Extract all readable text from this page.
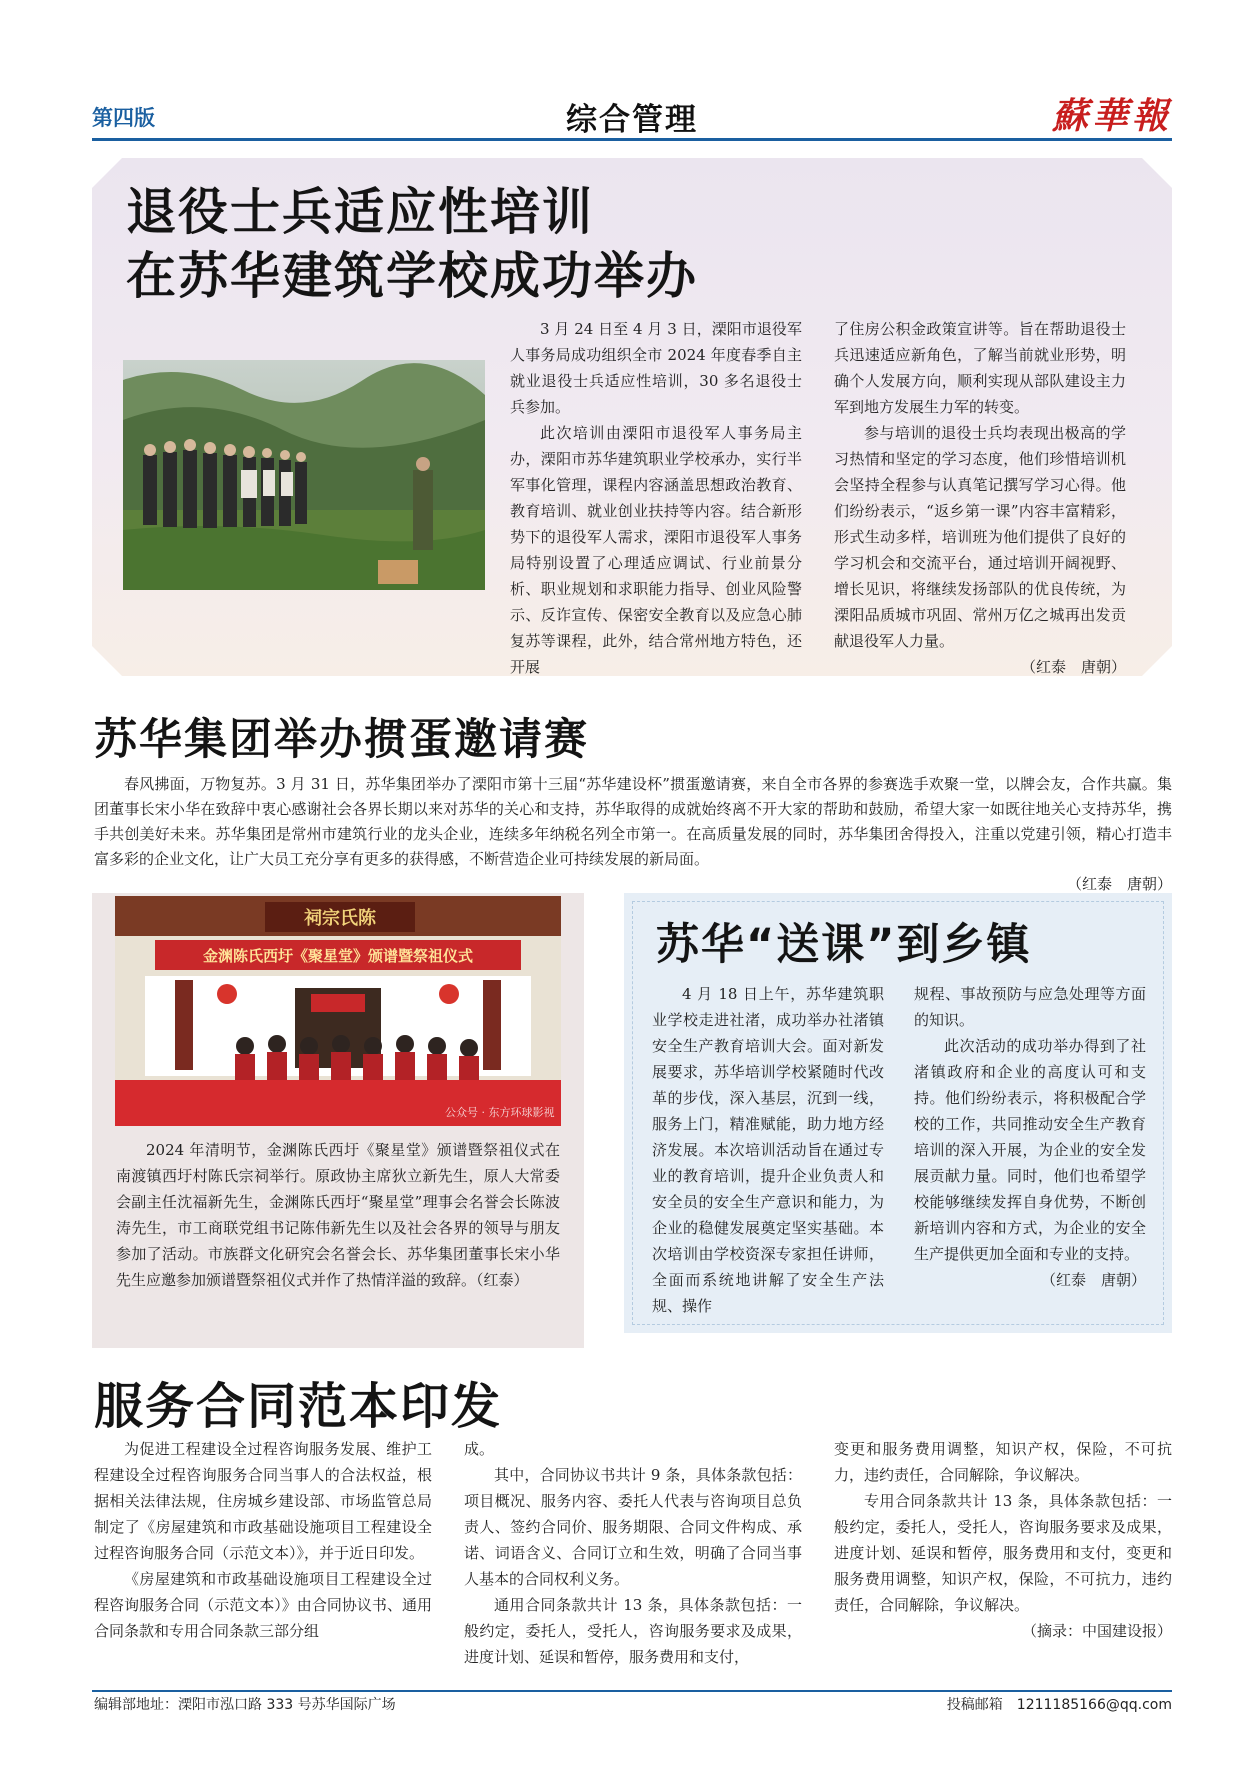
第四版	综合管理	蘇華報
退役士兵适应性培训
在苏华建筑学校成功举办

3 月 24 日至 4 月 3 日，溧阳市退役军人事务局成功组织全市 2024 年度春季自主就业退役士兵适应性培训，30 多名退役士兵参加。

此次培训由溧阳市退役军人事务局主办，溧阳市苏华建筑职业学校承办，实行半军事化管理，课程内容涵盖思想政治教育、教育培训、就业创业扶持等内容。结合新形势下的退役军人需求，溧阳市退役军人事务局特别设置了心理适应调试、行业前景分析、职业规划和求职能力指导、创业风险警示、反诈宣传、保密安全教育以及应急心肺复苏等课程，此外，结合常州地方特色，还开展

了住房公积金政策宣讲等。旨在帮助退役士兵迅速适应新角色，了解当前就业形势，明确个人发展方向，顺利实现从部队建设主力军到地方发展生力军的转变。

参与培训的退役士兵均表现出极高的学习热情和坚定的学习态度，他们珍惜培训机会坚持全程参与认真笔记撰写学习心得。他们纷纷表示，“返乡第一课”内容丰富精彩，形式生动多样，培训班为他们提供了良好的学习机会和交流平台，通过培训开阔视野、增长见识，将继续发扬部队的优良传统，为溧阳品质城市巩固、常州万亿之城再出发贡献退役军人力量。
（红泰　唐朝）

苏华集团举办掼蛋邀请赛

春风拂面，万物复苏。3 月 31 日，苏华集团举办了溧阳市第十三届“苏华建设杯”掼蛋邀请赛，来自全市各界的参赛选手欢聚一堂，以牌会友，合作共赢。集团董事长宋小华在致辞中衷心感谢社会各界长期以来对苏华的关心和支持，苏华取得的成就始终离不开大家的帮助和鼓励，希望大家一如既往地关心支持苏华，携手共创美好未来。苏华集团是常州市建筑行业的龙头企业，连续多年纳税名列全市第一。在高质量发展的同时，苏华集团舍得投入，注重以党建引领，精心打造丰富多彩的企业文化，让广大员工充分享有更多的获得感，不断营造企业可持续发展的新局面。
（红泰　唐朝）

祠宗氏陈
金渊陈氏西圩《聚星堂》颁谱暨祭祖仪式
公众号 · 东方环球影视

2024 年清明节，金渊陈氏西圩《聚星堂》颁谱暨祭祖仪式在南渡镇西圩村陈氏宗祠举行。原政协主席狄立新先生，原人大常委会副主任沈福新先生，金渊陈氏西圩“聚星堂”理事会名誉会长陈波涛先生，市工商联党组书记陈伟新先生以及社会各界的领导与朋友参加了活动。市族群文化研究会名誉会长、苏华集团董事长宋小华先生应邀参加颁谱暨祭祖仪式并作了热情洋溢的致辞。（红泰）

苏华“送课”到乡镇

4 月 18 日上午，苏华建筑职业学校走进社渚，成功举办社渚镇安全生产教育培训大会。面对新发展要求，苏华培训学校紧随时代改革的步伐，深入基层，沉到一线，服务上门，精准赋能，助力地方经济发展。本次培训活动旨在通过专业的教育培训，提升企业负责人和安全员的安全生产意识和能力，为企业的稳健发展奠定坚实基础。本次培训由学校资深专家担任讲师，全面而系统地讲解了安全生产法规、操作

规程、事故预防与应急处理等方面的知识。

此次活动的成功举办得到了社渚镇政府和企业的高度认可和支持。他们纷纷表示，将积极配合学校的工作，共同推动安全生产教育培训的深入开展，为企业的安全发展贡献力量。同时，他们也希望学校能够继续发挥自身优势，不断创新培训内容和方式，为企业的安全生产提供更加全面和专业的支持。
（红泰　唐朝）

服务合同范本印发

为促进工程建设全过程咨询服务发展、维护工程建设全过程咨询服务合同当事人的合法权益，根据相关法律法规，住房城乡建设部、市场监管总局制定了《房屋建筑和市政基础设施项目工程建设全过程咨询服务合同（示范文本）》，并于近日印发。

《房屋建筑和市政基础设施项目工程建设全过程咨询服务合同（示范文本）》由合同协议书、通用合同条款和专用合同条款三部分组

成。

其中，合同协议书共计 9 条，具体条款包括：项目概况、服务内容、委托人代表与咨询项目总负责人、签约合同价、服务期限、合同文件构成、承诺、词语含义、合同订立和生效，明确了合同当事人基本的合同权利义务。

通用合同条款共计 13 条，具体条款包括：一般约定，委托人，受托人，咨询服务要求及成果，进度计划、延误和暂停，服务费用和支付，

变更和服务费用调整，知识产权，保险，不可抗力，违约责任，合同解除，争议解决。

专用合同条款共计 13 条，具体条款包括：一般约定，委托人，受托人，咨询服务要求及成果，进度计划、延误和暂停，服务费用和支付，变更和服务费用调整，知识产权，保险，不可抗力，违约责任，合同解除，争议解决。
（摘录：中国建设报）

编辑部地址：溧阳市泓口路 333 号苏华国际广场	投稿邮箱　1211185166@qq.com
